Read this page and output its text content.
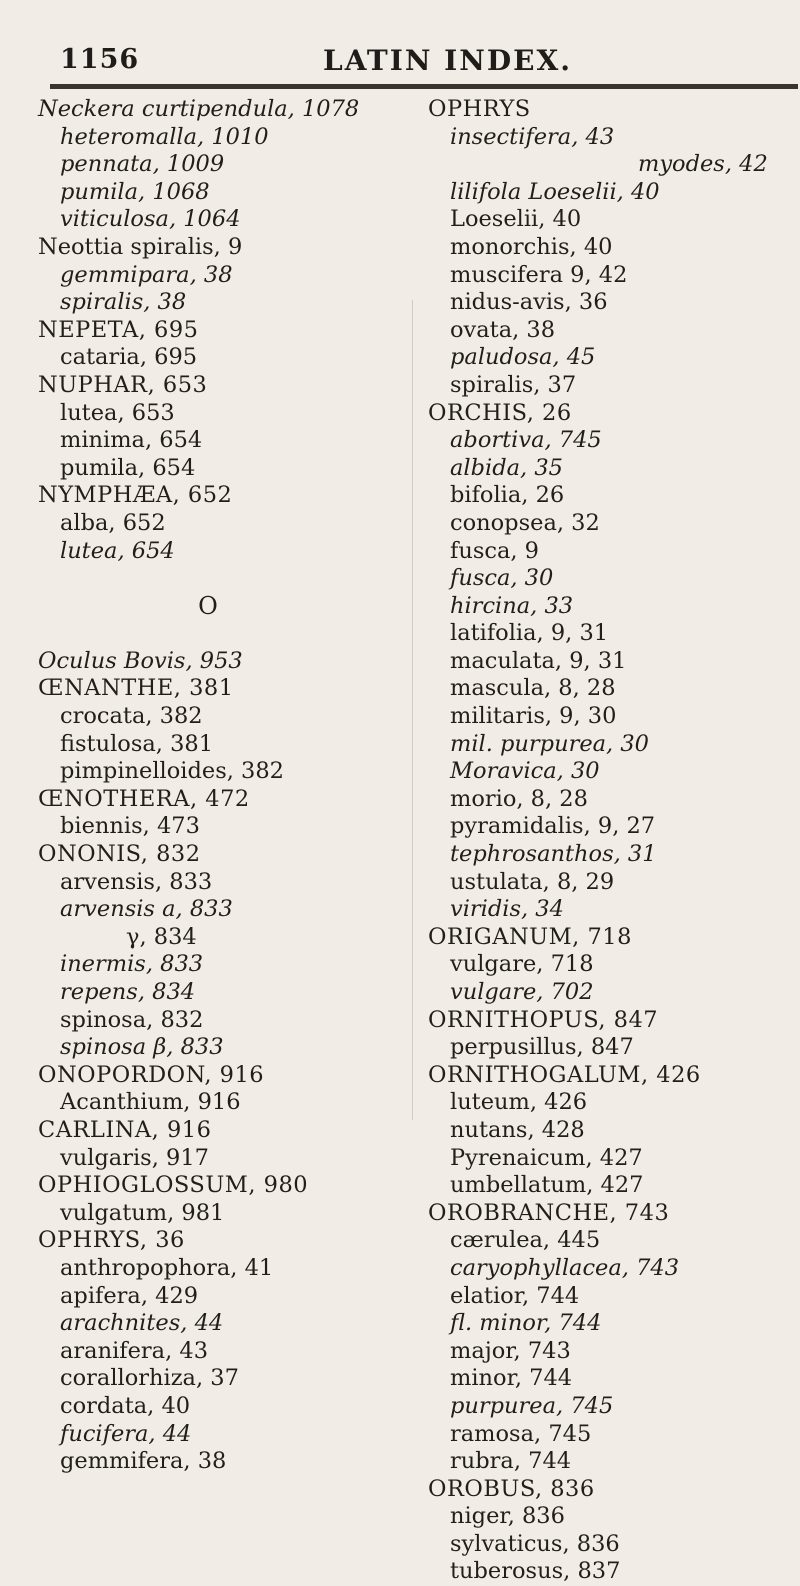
1156	LATIN INDEX.
Neckera curtipendula, 1078
heteromalla, 1010
pennata, 1009
pumila, 1068
viticulosa, 1064
Neottia spiralis, 9
gemmipara, 38
spiralis, 38
NEPETA, 695
cataria, 695
NUPHAR, 653
lutea, 653
minima, 654
pumila, 654
NYMPHÆA, 652
alba, 652
lutea, 654
O
Oculus Bovis, 953
ŒNANTHE, 381
crocata, 382
fistulosa, 381
pimpinelloides, 382
ŒNOTHERA, 472
biennis, 473
ONONIS, 832
arvensis, 833
arvensis a, 833
γ, 834
inermis, 833
repens, 834
spinosa, 832
spinosa β, 833
ONOPORDON, 916
Acanthium, 916
CARLINA, 916
vulgaris, 917
OPHIOGLOSSUM, 980
vulgatum, 981
OPHRYS, 36
anthropophora, 41
apifera, 429
arachnites, 44
aranifera, 43
corallorhiza, 37
cordata, 40
fucifera, 44
gemmifera, 38
OPHRYS
insectifera, 43
myodes, 42
lilifola Loeselii, 40
Loeselii, 40
monorchis, 40
muscifera 9, 42
nidus-avis, 36
ovata, 38
paludosa, 45
spiralis, 37
ORCHIS, 26
abortiva, 745
albida, 35
bifolia, 26
conopsea, 32
fusca, 9
fusca, 30
hircina, 33
latifolia, 9, 31
maculata, 9, 31
mascula, 8, 28
militaris, 9, 30
mil. purpurea, 30
Moravica, 30
morio, 8, 28
pyramidalis, 9, 27
tephrosanthos, 31
ustulata, 8, 29
viridis, 34
ORIGANUM, 718
vulgare, 718
vulgare, 702
ORNITHOPUS, 847
perpusillus, 847
ORNITHOGALUM, 426
luteum, 426
nutans, 428
Pyrenaicum, 427
umbellatum, 427
OROBRANCHE, 743
cærulea, 445
caryophyllacea, 743
elatior, 744
fl. minor, 744
major, 743
minor, 744
purpurea, 745
ramosa, 745
rubra, 744
OROBUS, 836
niger, 836
sylvaticus, 836
tuberosus, 837
